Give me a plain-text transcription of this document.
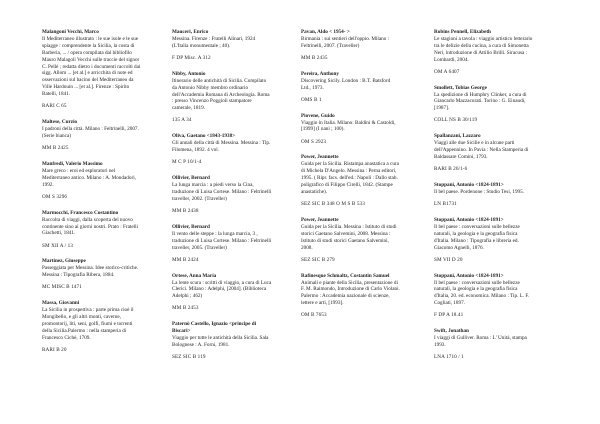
Malangoni Vecchi, Marco
Il Mediterraneo illustrato : le sue isole e le sue spiagge : comprendente la Sicilia, la costa di Barberia, ... / opera compilata dal bibliofilo Mauro Malagoli Vecchi sulle traccie del signor C. Pellé ; redatta dietro i documenti raccolti dai sigg. Allom ... [et al.] e arricchita di note ed osservazioni sul bacino del Mediterraneo da Ville Hardouin ... [et al.]. Firenze : Spirito Batelli, 1841.
RARI C 65
Maltese, Curzio
I padroni della città. Milano : Feltrinelli, 2007. (Serie bianca)
MM B 2425
Manfredi, Valerio Massimo
Mare greco : eroi ed esploratori nel Mediterraneo antico. Milano : A. Mondadori, 1992.
OM S 3296
Marmocchi, Francesco Costantino
Raccolta di viaggi, dalla scoperta del nuovo continente sino ai giorni nostri. Prato : Fratelli Giachetti, 1841.
SM XII A / 13
Martinez, Giuseppe
Passeggiata per Messina. Idee storico-critiche. Messina : Tipografia Ribera, 1884.
MC MISC B 1471
Massa, Giovanni
La Sicilia in prospettiva : parte prima cioè il Mongibello, e gli altri monti, caverne, promontorij, liti, seni, golfi, fiumi e torrenti della Sicilia.Palermo : nella stamperia di Francesco Cichè, 1709.
RARI B 20
Mauceri, Enrico
Messina. Firenze : Fratelli Alinari, 1924 (L'Italia monumentale ; 40).
F DP Misc. A 312
Nibby, Antonio
Itinerario delle antichità di Sicilia. Compilato da Antonio Nibby membro ordinario dell'Accademia Romana di Archeologia. Roma : presso Vincenzo Poggioli stampatore camerale, 1819.
135 A 34
Oliva, Gaetano <1843-1938>
Gli annali della città di Messina. Messina : Tip. Filomena, 1892. 4 vol.
M C P 10/1-4
Ollivier, Bernard
La lunga marcia : a piedi verso la Cina, traduzione di Luisa Cortese. Milano : Feltrinelli traveller, 2002. (Traveller)
MM B 2438
Ollivier, Bernard
Il vento delle steppe : la lunga marcia, 3 , traduzione di Luisa Cortese. Milano : Feltrinelli traveller, 2005. (Traveller)
MM B 2424
Ortese, Anna Maria
La lente scura : scritti di viaggio, a cura di Luca Clerici. Milano : Adelphi, [2004]. (Biblioteca Adelphi ; 462)
MM B 2453
Paternò Castello, Ignazio <principe di Biscari>
Viaggio per tutte le antichità della Sicilia. Sala Bolognese : A. Forni, 1981.
SEZ SIC B 119
Pavan, Aldo < 1954- >
Birmania : sui sentieri dell'oppio. Milano : Feltrinelli, 2007. (Traveller)
MM B 2435
Pereira, Anthony
Discovering Sicily. London : B.T. Batsford Ltd., 1973.
OMS B 1
Piovene, Guido
Viaggio in Italia. Milano: Baldini & Castoldi, [1999] (I nani ; 100).
OM S 2923
Power, Jeannette
Guida per la Sicilia. Ristampa anastatica a cura di Michela D'Angelo. Messina : Perna editori, 1995. ( Ripr. facs. dell'ed.: Napoli : Dallo stab. poligrafico di Filippo Cirelli, 1842. (Stampe anastatiche).
SEZ SIC B 348 O M S B 533
Power, Jeannette
Guida per la Sicilia. Messina : Istituto di studi storici Gaetano Salvemini, 2008. Messina : Istituto di studi storici Gaetano Salvemini, 2008.
SEZ SIC B 279
Rafinesque Schmaltz, Costantin Samuel
Animali e piante della Sicilia, presentazione di F. M. Raimondo, Introduzione di Carlo Violani. Palermo : Accademia nazionale di scienze, lettere e arti, [1993].
OM B 7653
Robins Pennell, Elizabeth
Le stagioni a tavola : viaggio artistico letterario tra le delizie della cucina, a cura di Simonetta Neri, introduzione di Attilio Brilli. Siracusa : Lombardi, 2004.
OM A 6407
Smollett, Tobias George
La spedizione di Humphry Clinker, a cura di Giancarlo Mazzacurati. Torino : G. Einaudi, [1987].
COLL NS B 30/119
Spallanzani, Lazzaro
Viaggi alle due Sicilie e in alcune parti dell'Appennino. In Pavia : Nella Stamperia di Baldassare Comini, 1793.
RARI B 26/1-6
Stoppani, Antonio <1824-1891>
Il bel paese. Pordenone : Studio Tesi, 1995.
LN B1731
Stoppani, Antonio <1824-1891>
Il bel paese : conversazioni sulle bellezze naturali, la geologia e la geografia fisica d'Italia. Milano : Tipografia e libreria ed. Giacomo Agnelli, 1876.
SM VII D 20
Stoppani, Antonio <1824-1891>
Il bel paese : conversazioni sulle bellezze naturali, la geologia e la geografia fisica d'Italia, 20. ed. economica. Milano : Tip. L. F. Cogliati, 1897.
F DP A 18.41
Swift, Jonathan
I viaggi di Gulliver. Roma : L' Unità, stampa 1993.
LNA 1710 / 1
